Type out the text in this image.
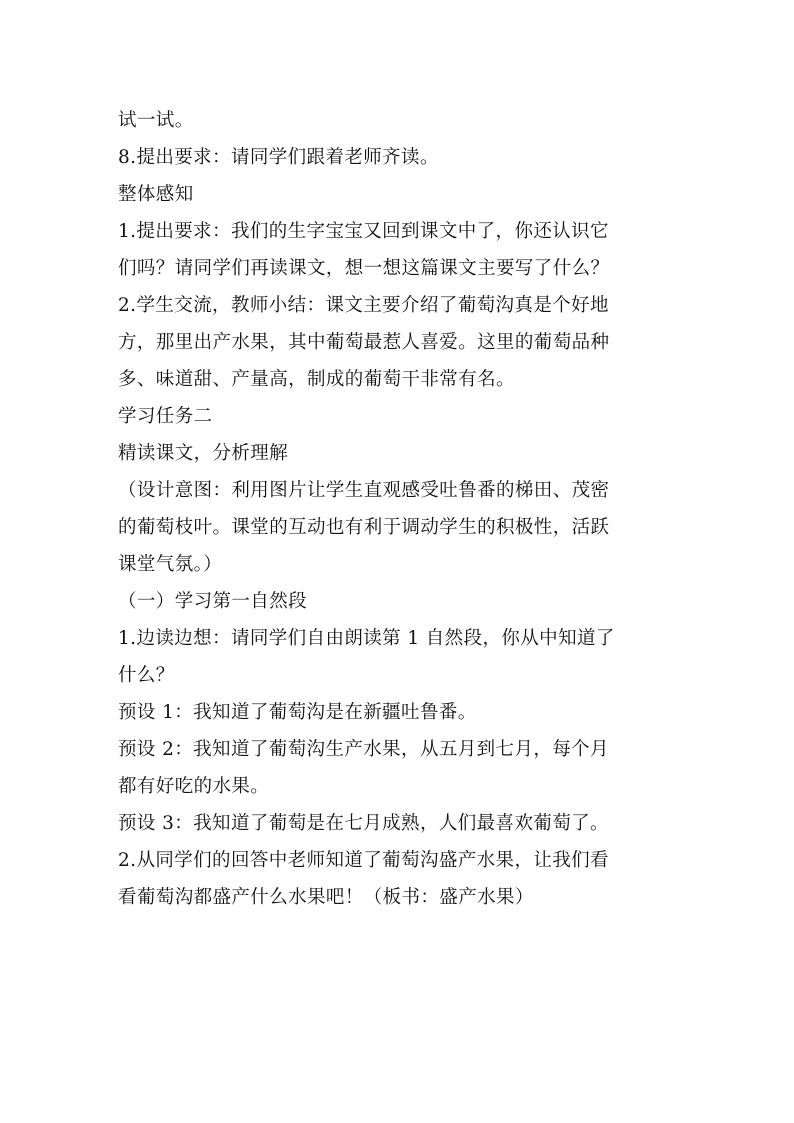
试一试。
8.提出要求：请同学们跟着老师齐读。
整体感知
1.提出要求：我们的生字宝宝又回到课文中了，你还认识它
们吗？请同学们再读课文，想一想这篇课文主要写了什么？
2.学生交流，教师小结：课文主要介绍了葡萄沟真是个好地
方，那里出产水果，其中葡萄最惹人喜爱。这里的葡萄品种
多、味道甜、产量高，制成的葡萄干非常有名。
学习任务二
精读课文，分析理解
（设计意图：利用图片让学生直观感受吐鲁番的梯田、茂密
的葡萄枝叶。课堂的互动也有利于调动学生的积极性，活跃
课堂气氛。）
（一）学习第一自然段
1.边读边想：请同学们自由朗读第 1 自然段，你从中知道了
什么？
预设 1：我知道了葡萄沟是在新疆吐鲁番。
预设 2：我知道了葡萄沟生产水果，从五月到七月，每个月
都有好吃的水果。
预设 3：我知道了葡萄是在七月成熟，人们最喜欢葡萄了。
2.从同学们的回答中老师知道了葡萄沟盛产水果，让我们看
看葡萄沟都盛产什么水果吧！（板书：盛产水果）
